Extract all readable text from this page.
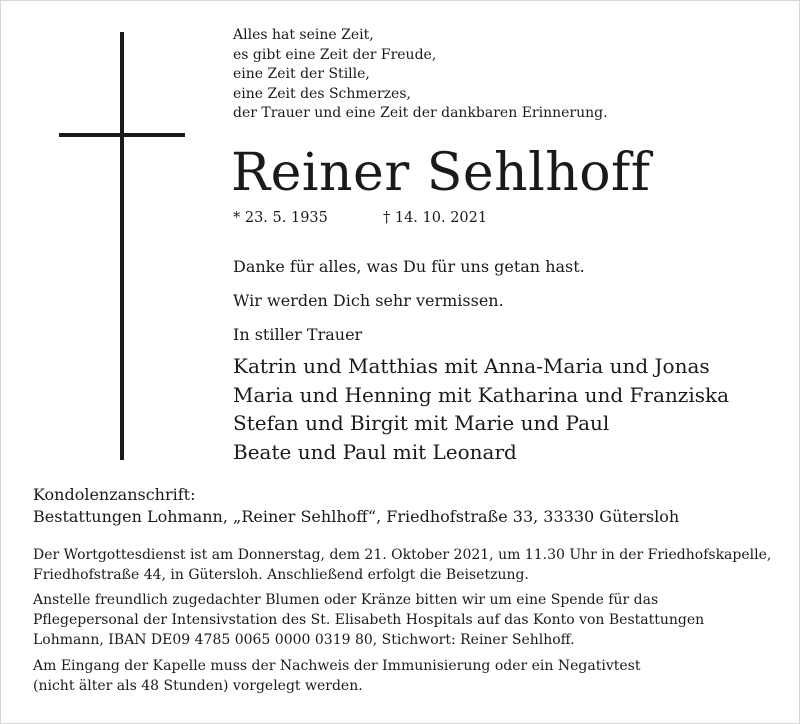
Alles hat seine Zeit,
es gibt eine Zeit der Freude,
eine Zeit der Stille,
eine Zeit des Schmerzes,
der Trauer und eine Zeit der dankbaren Erinnerung.
Reiner Sehlhoff
* 23. 5. 1935	† 14. 10. 2021
Danke für alles, was Du für uns getan hast.
Wir werden Dich sehr vermissen.
In stiller Trauer
Katrin und Matthias mit Anna-Maria und Jonas
Maria und Henning mit Katharina und Franziska
Stefan und Birgit mit Marie und Paul
Beate und Paul mit Leonard
Kondolenzanschrift:
Bestattungen Lohmann, „Reiner Sehlhoff“, Friedhofstraße 33, 33330 Gütersloh
Der Wortgottesdienst ist am Donnerstag, dem 21. Oktober 2021, um 11.30 Uhr in der Friedhofskapelle,
Friedhofstraße 44, in Gütersloh. Anschließend erfolgt die Beisetzung.
Anstelle freundlich zugedachter Blumen oder Kränze bitten wir um eine Spende für das
Pflegepersonal der Intensivstation des St. Elisabeth Hospitals auf das Konto von Bestattungen
Lohmann, IBAN DE09 4785 0065 0000 0319 80, Stichwort: Reiner Sehlhoff.
Am Eingang der Kapelle muss der Nachweis der Immunisierung oder ein Negativtest
(nicht älter als 48 Stunden) vorgelegt werden.
